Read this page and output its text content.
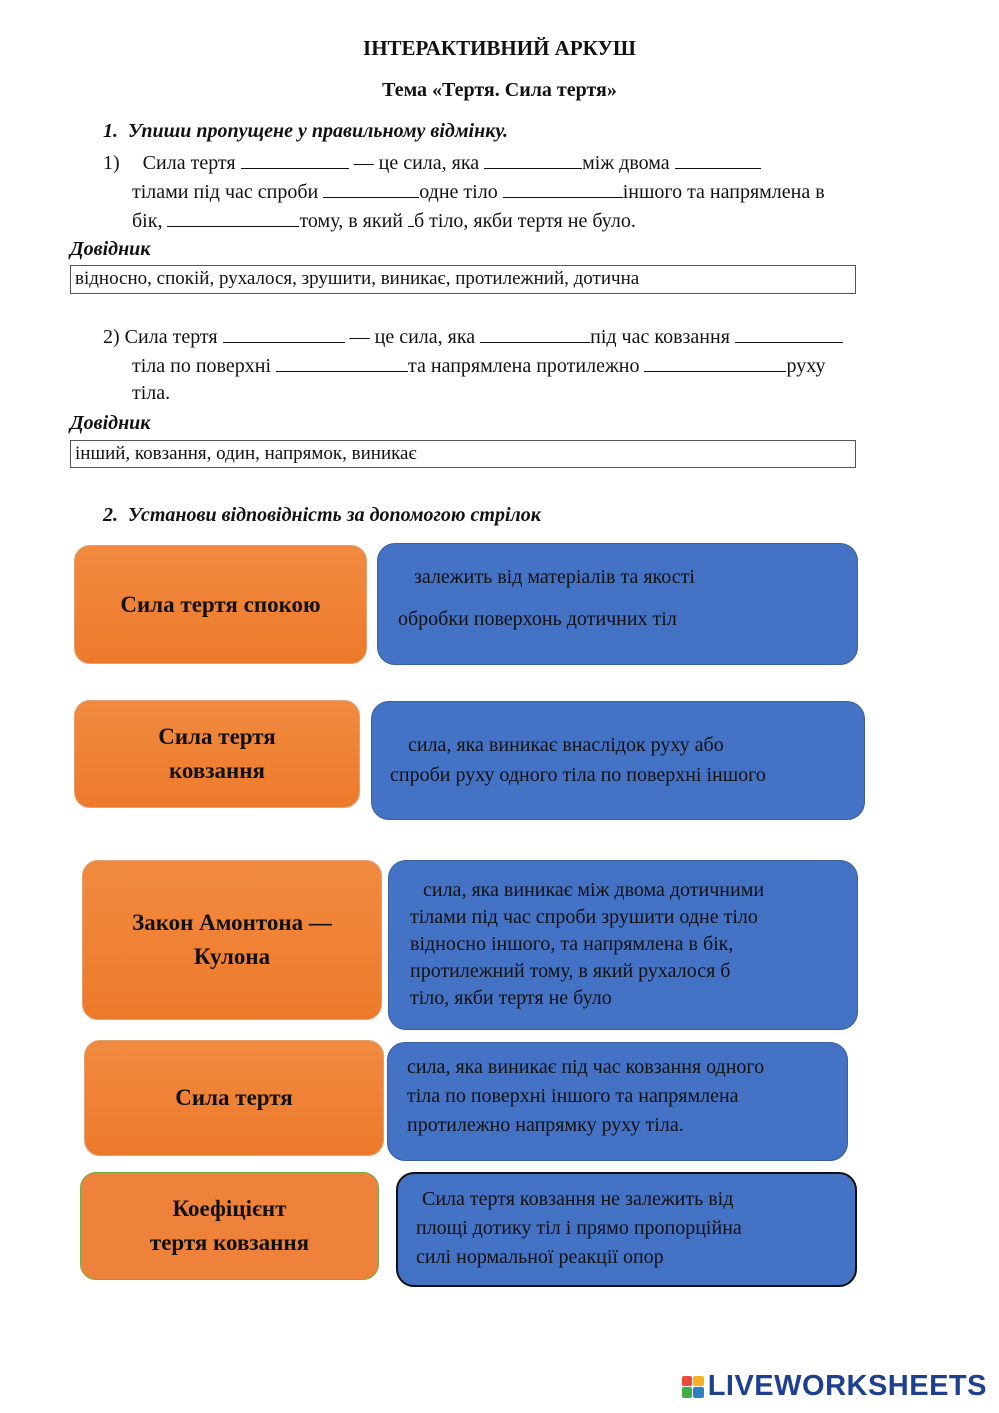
ІНТЕРАКТИВНИЙ АРКУШ
Тема «Тертя. Сила тертя»
1. Упиши пропущене у правильному відмінку.
1) Сила тертя	— це сила, яка	між двома
тілами під час спроби	одне тіло	іншого та напрямлена в
бік,	тому, в який б тіло, якби тертя не було.
Довідник
відносно, спокій, рухалося, зрушити, виникає, протилежний, дотична
2) Сила тертя	— це сила, яка	під час ковзання
тіла по поверхні	та напрямлена протилежно	руху
тіла.
Довідник
інший, ковзання, один, напрямок, виникає
2. Установи відповідність за допомогою стрілок
Сила тертя спокою
Сила тертя
ковзання
Закон Амонтона —
Кулона
Сила тертя
Коефіцієнт
тертя ковзання
залежить від матеріалів та якості
обробки поверхонь дотичних тіл
сила, яка виникає внаслідок руху або
спроби руху одного тіла по поверхні іншого
сила, яка виникає між двома дотичними
тілами під час спроби зрушити одне тіло
відносно іншого, та напрямлена в бік,
протилежний тому, в який рухалося б
тіло, якби тертя не було
сила, яка виникає під час ковзання одного
тіла по поверхні іншого та напрямлена
протилежно напрямку руху тіла.
Сила тертя ковзання не залежить від
площі дотику тіл і прямо пропорційна
силі нормальної реакції опор
LIVEWORKSHEETS
